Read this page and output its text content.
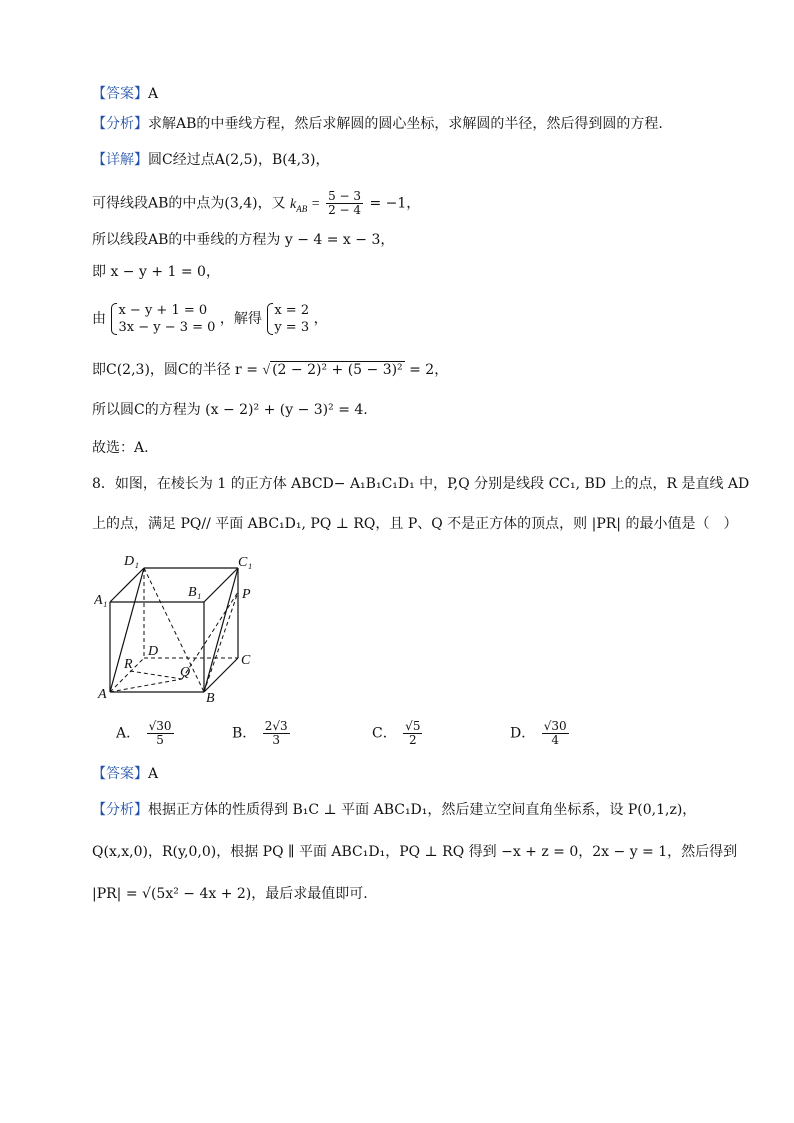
【答案】A
【分析】求解AB的中垂线方程，然后求解圆的圆心坐标，求解圆的半径，然后得到圆的方程.
【详解】圆C经过点A(2,5)，B(4,3)，
可得线段AB的中点为(3,4)，又 $k_{AB} = \frac{5 - 3}{2 - 4} = -1$，
所以线段AB的中垂线的方程为 y − 4 = x − 3，
即 x − y + 1 = 0，
由
x − y + 1 = 0
3x − y − 3 = 0
，解得
x = 2
y = 3
，
即C(2,3)，圆C的半径 r = √ (2 − 2)² + (5 − 3)² = 2，
所以圆C的方程为 (x − 2)² + (y − 3)² = 4.
故选：A.
8．如图，在棱长为 1 的正方体 ABCD− A₁B₁C₁D₁ 中，P,Q 分别是线段 CC₁, BD 上的点，R 是直线 AD
上的点，满足 PQ// 平面 ABC₁D₁, PQ ⊥ RQ，且 P、Q 不是正方体的顶点，则 |PR| 的最小值是（　）
D₁	C₁
A₁
B₁	P
D
C
R
Q
A	B
A． $\frac{√30}{5}$	B． $\frac{2√3}{3}$	C． $\frac{√5}{2}$	D． $\frac{√30}{4}$
【答案】A
【分析】根据正方体的性质得到 B₁C ⊥ 平面 ABC₁D₁，然后建立空间直角坐标系，设 P(0,1,z)，
Q(x,x,0)，R(y,0,0)，根据 PQ ∥ 平面 ABC₁D₁，PQ ⊥ RQ 得到 −x + z = 0，2x − y = 1，然后得到
|PR| = √(5x² − 4x + 2)，最后求最值即可.
